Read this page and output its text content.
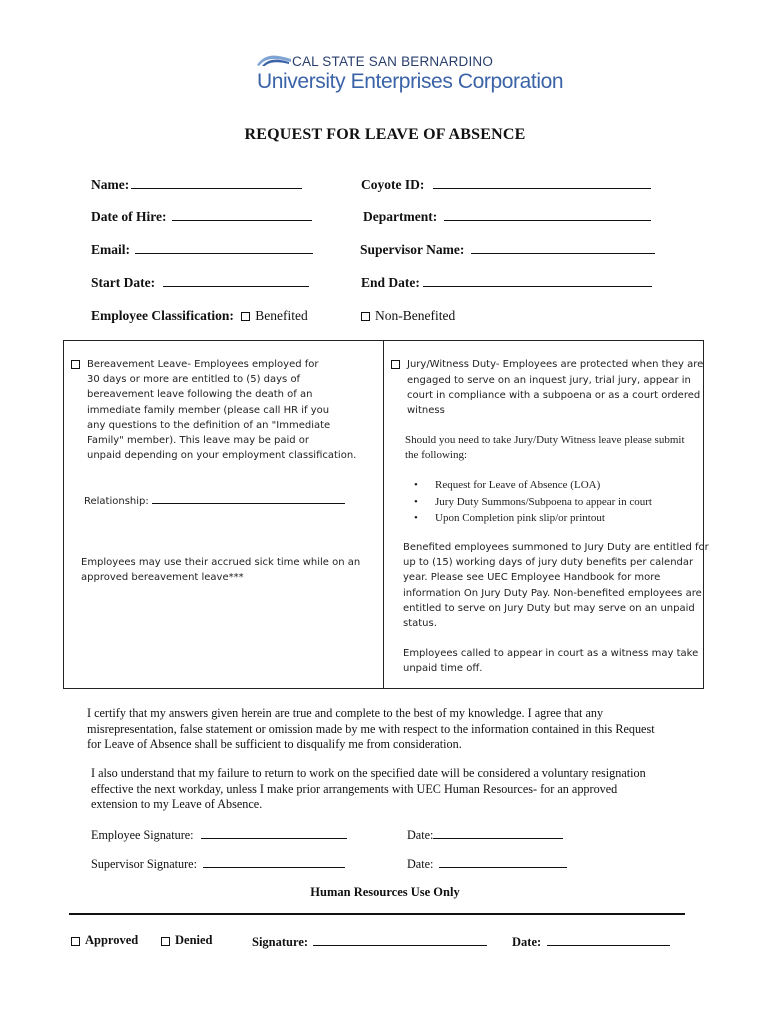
CAL STATE SAN BERNARDINO
University Enterprises Corporation
REQUEST FOR LEAVE OF ABSENCE
Name:	Coyote ID:
Date of Hire:	Department:
Email:	Supervisor Name:
Start Date:	End Date:
Employee Classification: Benefited	Non-Benefited
Bereavement Leave- Employees employed for
30 days or more are entitled to (5) days of
bereavement leave following the death of an
immediate family member (please call HR if you
any questions to the definition of an "Immediate
Family" member). This leave may be paid or
unpaid depending on your employment classification.
Relationship:
Employees may use their accrued sick time while on an
approved bereavement leave***
Jury/Witness Duty- Employees are protected when they are
engaged to serve on an inquest jury, trial jury, appear in
court in compliance with a subpoena or as a court ordered
witness
Should you need to take Jury/Duty Witness leave please submit
the following:
• Request for Leave of Absence (LOA)
• Jury Duty Summons/Subpoena to appear in court
• Upon Completion pink slip/or printout
Benefited employees summoned to Jury Duty are entitled for
up to (15) working days of jury duty benefits per calendar
year. Please see UEC Employee Handbook for more
information On Jury Duty Pay. Non-benefited employees are
entitled to serve on Jury Duty but may serve on an unpaid
status.
Employees called to appear in court as a witness may take
unpaid time off.
I certify that my answers given herein are true and complete to the best of my knowledge. I agree that any
misrepresentation, false statement or omission made by me with respect to the information contained in this Request
for Leave of Absence shall be sufficient to disqualify me from consideration.
I also understand that my failure to return to work on the specified date will be considered a voluntary resignation
effective the next workday, unless I make prior arrangements with UEC Human Resources- for an approved
extension to my Leave of Absence.
Employee Signature:	Date:
Supervisor Signature:	Date:
Human Resources Use Only
Approved	Denied	Signature:	Date:
